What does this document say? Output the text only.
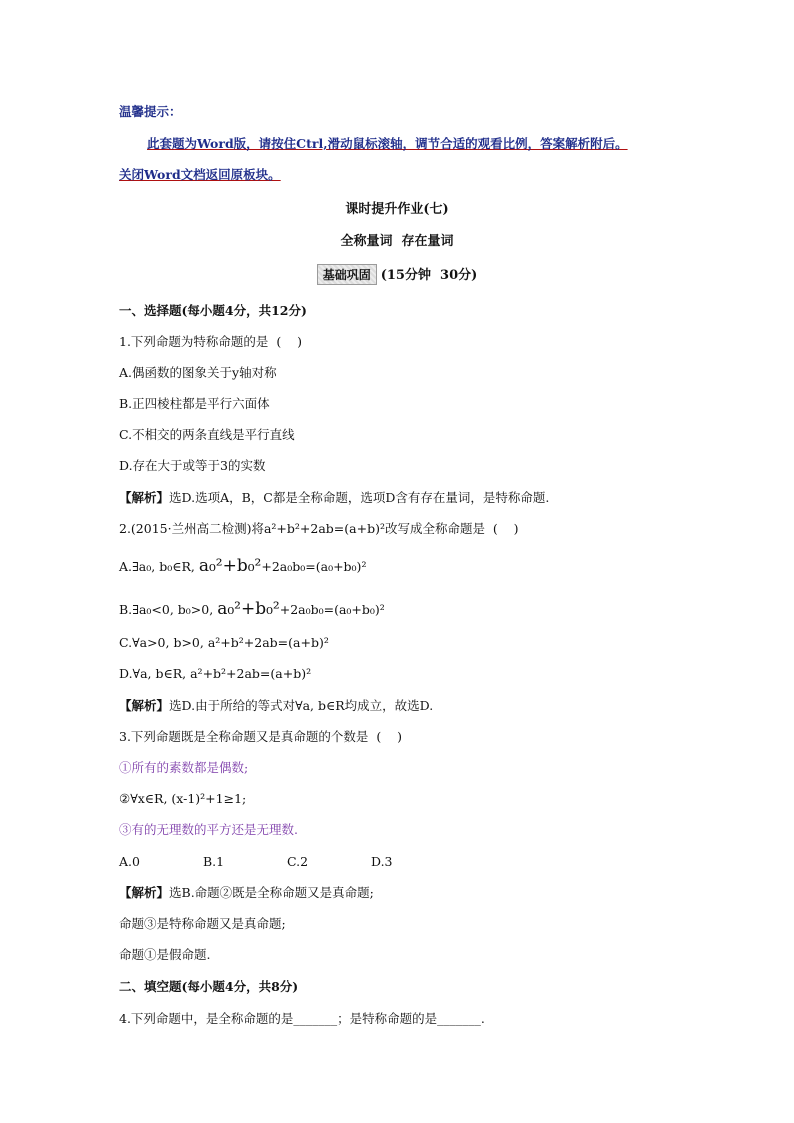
温馨提示：
此套题为Word版，请按住Ctrl,滑动鼠标滚轴，调节合适的观看比例，答案解析附后。
关闭Word文档返回原板块。
课时提升作业(七)
全称量词  存在量词
基础巩固 (15分钟  30分)
一、选择题(每小题4分，共12分)
1.下列命题为特称命题的是  (    )
A.偶函数的图象关于y轴对称
B.正四棱柱都是平行六面体
C.不相交的两条直线是平行直线
D.存在大于或等于3的实数
【解析】选D.选项A，B，C都是全称命题，选项D含有存在量词，是特称命题.
2.(2015·兰州高二检测)将a²+b²+2ab=(a+b)²改写成全称命题是  (    )
A.∃a₀, b₀∈R, a₀²+b₀²+2a₀b₀=(a₀+b₀)²
B.∃a₀<0, b₀>0, a₀²+b₀²+2a₀b₀=(a₀+b₀)²
C.∀a>0, b>0, a²+b²+2ab=(a+b)²
D.∀a, b∈R, a²+b²+2ab=(a+b)²
【解析】选D.由于所给的等式对∀a, b∈R均成立，故选D.
3.下列命题既是全称命题又是真命题的个数是  (    )
①所有的素数都是偶数;
②∀x∈R, (x-1)²+1≥1;
③有的无理数的平方还是无理数.
A.0	B.1	C.2	D.3
【解析】选B.命题②既是全称命题又是真命题;
命题③是特称命题又是真命题;
命题①是假命题.
二、填空题(每小题4分，共8分)
4.下列命题中，是全称命题的是_______；是特称命题的是_______.
